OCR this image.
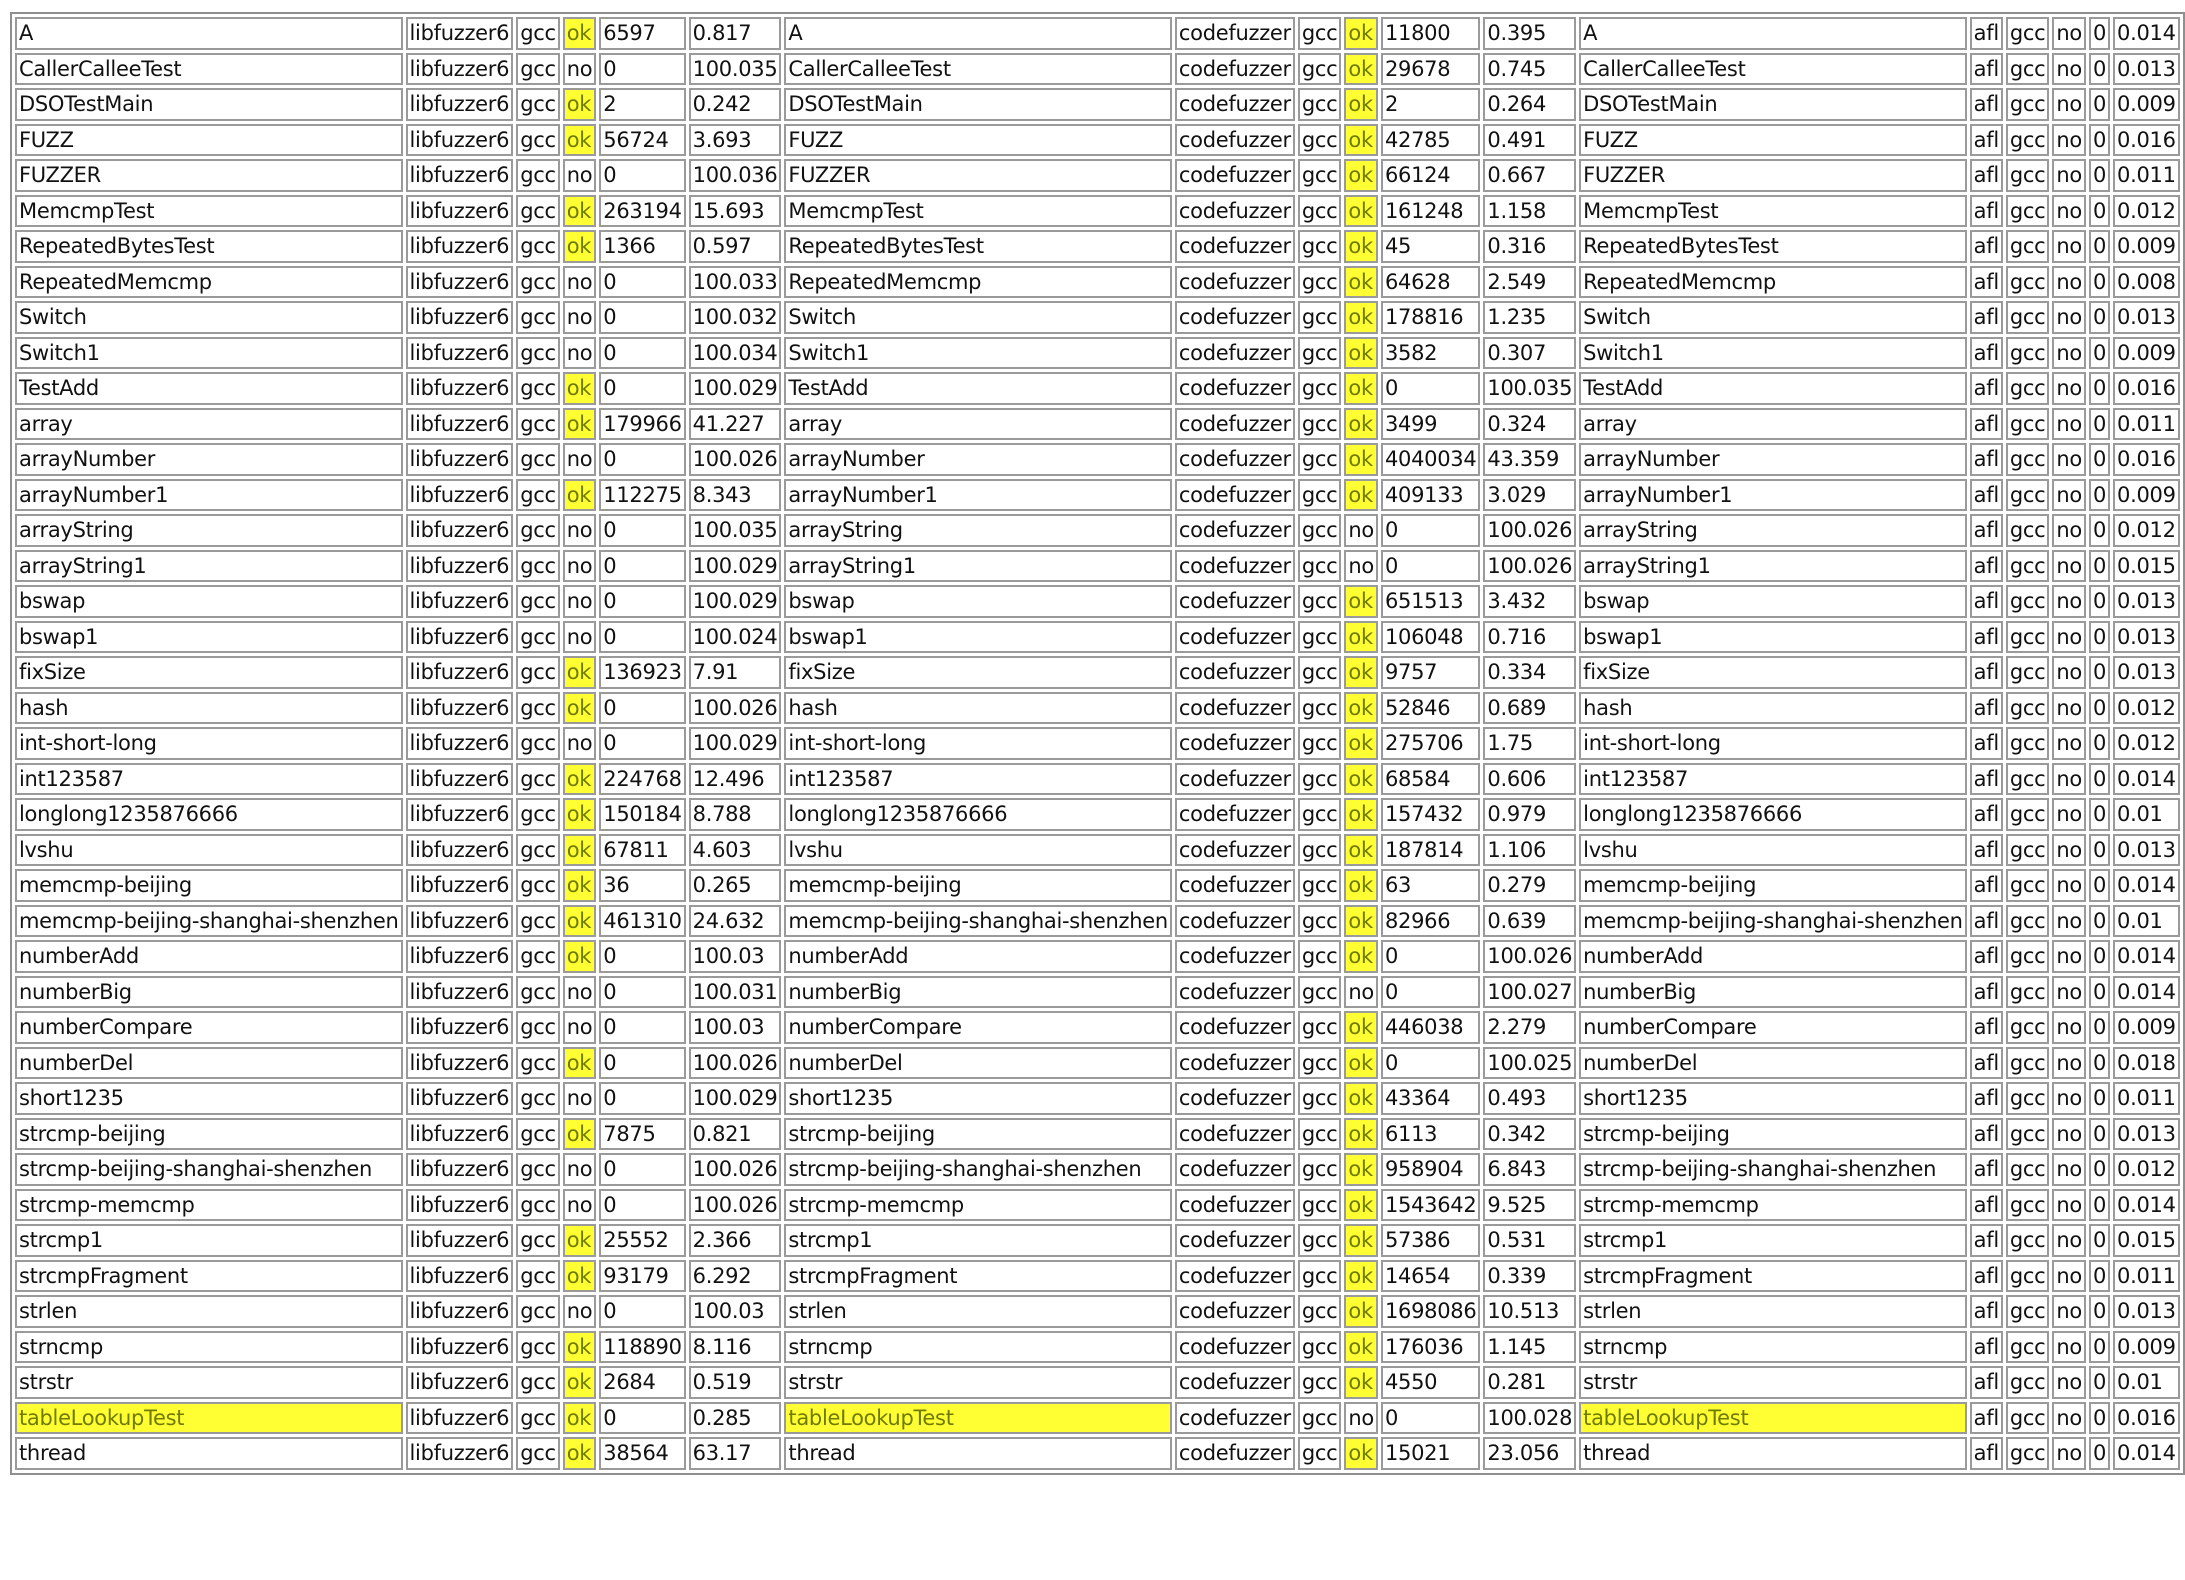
A	libfuzzer6	gcc	ok	6597	0.817	A	codefuzzer	gcc	ok	11800	0.395	A	afl	gcc	no	0	0.014
CallerCalleeTest	libfuzzer6	gcc	no	0	100.035	CallerCalleeTest	codefuzzer	gcc	ok	29678	0.745	CallerCalleeTest	afl	gcc	no	0	0.013
DSOTestMain	libfuzzer6	gcc	ok	2	0.242	DSOTestMain	codefuzzer	gcc	ok	2	0.264	DSOTestMain	afl	gcc	no	0	0.009
FUZZ	libfuzzer6	gcc	ok	56724	3.693	FUZZ	codefuzzer	gcc	ok	42785	0.491	FUZZ	afl	gcc	no	0	0.016
FUZZER	libfuzzer6	gcc	no	0	100.036	FUZZER	codefuzzer	gcc	ok	66124	0.667	FUZZER	afl	gcc	no	0	0.011
MemcmpTest	libfuzzer6	gcc	ok	263194	15.693	MemcmpTest	codefuzzer	gcc	ok	161248	1.158	MemcmpTest	afl	gcc	no	0	0.012
RepeatedBytesTest	libfuzzer6	gcc	ok	1366	0.597	RepeatedBytesTest	codefuzzer	gcc	ok	45	0.316	RepeatedBytesTest	afl	gcc	no	0	0.009
RepeatedMemcmp	libfuzzer6	gcc	no	0	100.033	RepeatedMemcmp	codefuzzer	gcc	ok	64628	2.549	RepeatedMemcmp	afl	gcc	no	0	0.008
Switch	libfuzzer6	gcc	no	0	100.032	Switch	codefuzzer	gcc	ok	178816	1.235	Switch	afl	gcc	no	0	0.013
Switch1	libfuzzer6	gcc	no	0	100.034	Switch1	codefuzzer	gcc	ok	3582	0.307	Switch1	afl	gcc	no	0	0.009
TestAdd	libfuzzer6	gcc	ok	0	100.029	TestAdd	codefuzzer	gcc	ok	0	100.035	TestAdd	afl	gcc	no	0	0.016
array	libfuzzer6	gcc	ok	179966	41.227	array	codefuzzer	gcc	ok	3499	0.324	array	afl	gcc	no	0	0.011
arrayNumber	libfuzzer6	gcc	no	0	100.026	arrayNumber	codefuzzer	gcc	ok	4040034	43.359	arrayNumber	afl	gcc	no	0	0.016
arrayNumber1	libfuzzer6	gcc	ok	112275	8.343	arrayNumber1	codefuzzer	gcc	ok	409133	3.029	arrayNumber1	afl	gcc	no	0	0.009
arrayString	libfuzzer6	gcc	no	0	100.035	arrayString	codefuzzer	gcc	no	0	100.026	arrayString	afl	gcc	no	0	0.012
arrayString1	libfuzzer6	gcc	no	0	100.029	arrayString1	codefuzzer	gcc	no	0	100.026	arrayString1	afl	gcc	no	0	0.015
bswap	libfuzzer6	gcc	no	0	100.029	bswap	codefuzzer	gcc	ok	651513	3.432	bswap	afl	gcc	no	0	0.013
bswap1	libfuzzer6	gcc	no	0	100.024	bswap1	codefuzzer	gcc	ok	106048	0.716	bswap1	afl	gcc	no	0	0.013
fixSize	libfuzzer6	gcc	ok	136923	7.91	fixSize	codefuzzer	gcc	ok	9757	0.334	fixSize	afl	gcc	no	0	0.013
hash	libfuzzer6	gcc	ok	0	100.026	hash	codefuzzer	gcc	ok	52846	0.689	hash	afl	gcc	no	0	0.012
int-short-long	libfuzzer6	gcc	no	0	100.029	int-short-long	codefuzzer	gcc	ok	275706	1.75	int-short-long	afl	gcc	no	0	0.012
int123587	libfuzzer6	gcc	ok	224768	12.496	int123587	codefuzzer	gcc	ok	68584	0.606	int123587	afl	gcc	no	0	0.014
longlong1235876666	libfuzzer6	gcc	ok	150184	8.788	longlong1235876666	codefuzzer	gcc	ok	157432	0.979	longlong1235876666	afl	gcc	no	0	0.01
lvshu	libfuzzer6	gcc	ok	67811	4.603	lvshu	codefuzzer	gcc	ok	187814	1.106	lvshu	afl	gcc	no	0	0.013
memcmp-beijing	libfuzzer6	gcc	ok	36	0.265	memcmp-beijing	codefuzzer	gcc	ok	63	0.279	memcmp-beijing	afl	gcc	no	0	0.014
memcmp-beijing-shanghai-shenzhen	libfuzzer6	gcc	ok	461310	24.632	memcmp-beijing-shanghai-shenzhen	codefuzzer	gcc	ok	82966	0.639	memcmp-beijing-shanghai-shenzhen	afl	gcc	no	0	0.01
numberAdd	libfuzzer6	gcc	ok	0	100.03	numberAdd	codefuzzer	gcc	ok	0	100.026	numberAdd	afl	gcc	no	0	0.014
numberBig	libfuzzer6	gcc	no	0	100.031	numberBig	codefuzzer	gcc	no	0	100.027	numberBig	afl	gcc	no	0	0.014
numberCompare	libfuzzer6	gcc	no	0	100.03	numberCompare	codefuzzer	gcc	ok	446038	2.279	numberCompare	afl	gcc	no	0	0.009
numberDel	libfuzzer6	gcc	ok	0	100.026	numberDel	codefuzzer	gcc	ok	0	100.025	numberDel	afl	gcc	no	0	0.018
short1235	libfuzzer6	gcc	no	0	100.029	short1235	codefuzzer	gcc	ok	43364	0.493	short1235	afl	gcc	no	0	0.011
strcmp-beijing	libfuzzer6	gcc	ok	7875	0.821	strcmp-beijing	codefuzzer	gcc	ok	6113	0.342	strcmp-beijing	afl	gcc	no	0	0.013
strcmp-beijing-shanghai-shenzhen	libfuzzer6	gcc	no	0	100.026	strcmp-beijing-shanghai-shenzhen	codefuzzer	gcc	ok	958904	6.843	strcmp-beijing-shanghai-shenzhen	afl	gcc	no	0	0.012
strcmp-memcmp	libfuzzer6	gcc	no	0	100.026	strcmp-memcmp	codefuzzer	gcc	ok	1543642	9.525	strcmp-memcmp	afl	gcc	no	0	0.014
strcmp1	libfuzzer6	gcc	ok	25552	2.366	strcmp1	codefuzzer	gcc	ok	57386	0.531	strcmp1	afl	gcc	no	0	0.015
strcmpFragment	libfuzzer6	gcc	ok	93179	6.292	strcmpFragment	codefuzzer	gcc	ok	14654	0.339	strcmpFragment	afl	gcc	no	0	0.011
strlen	libfuzzer6	gcc	no	0	100.03	strlen	codefuzzer	gcc	ok	1698086	10.513	strlen	afl	gcc	no	0	0.013
strncmp	libfuzzer6	gcc	ok	118890	8.116	strncmp	codefuzzer	gcc	ok	176036	1.145	strncmp	afl	gcc	no	0	0.009
strstr	libfuzzer6	gcc	ok	2684	0.519	strstr	codefuzzer	gcc	ok	4550	0.281	strstr	afl	gcc	no	0	0.01
tableLookupTest	libfuzzer6	gcc	ok	0	0.285	tableLookupTest	codefuzzer	gcc	no	0	100.028	tableLookupTest	afl	gcc	no	0	0.016
thread	libfuzzer6	gcc	ok	38564	63.17	thread	codefuzzer	gcc	ok	15021	23.056	thread	afl	gcc	no	0	0.014
